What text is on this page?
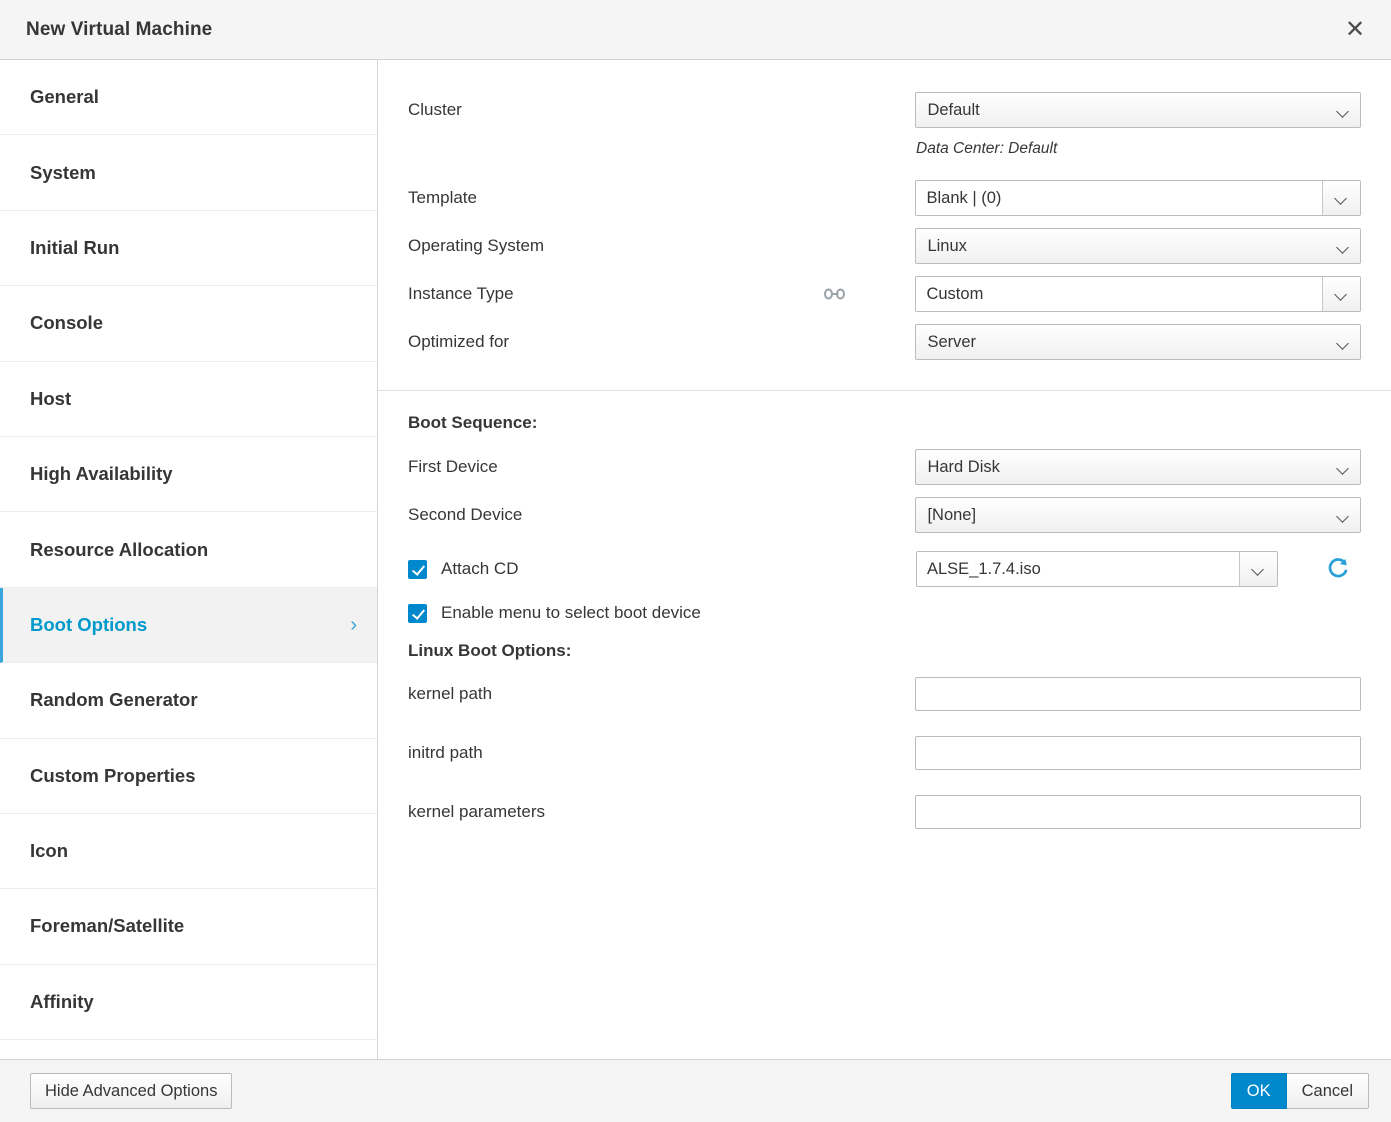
New Virtual Machine	✕
General
System
Initial Run
Console
Host
High Availability
Resource Allocation
Boot Options	›
Random Generator
Custom Properties
Icon
Foreman/Satellite
Affinity
Cluster	Default
Data Center: Default
Template	Blank | (0)
Operating System	Linux
Instance Type	Custom
Optimized for	Server
Boot Sequence:
First Device	Hard Disk
Second Device	[None]
Attach CD	ALSE_1.7.4.iso
Enable menu to select boot device
Linux Boot Options:
kernel path
initrd path
kernel parameters
Hide Advanced Options	OK	Cancel
